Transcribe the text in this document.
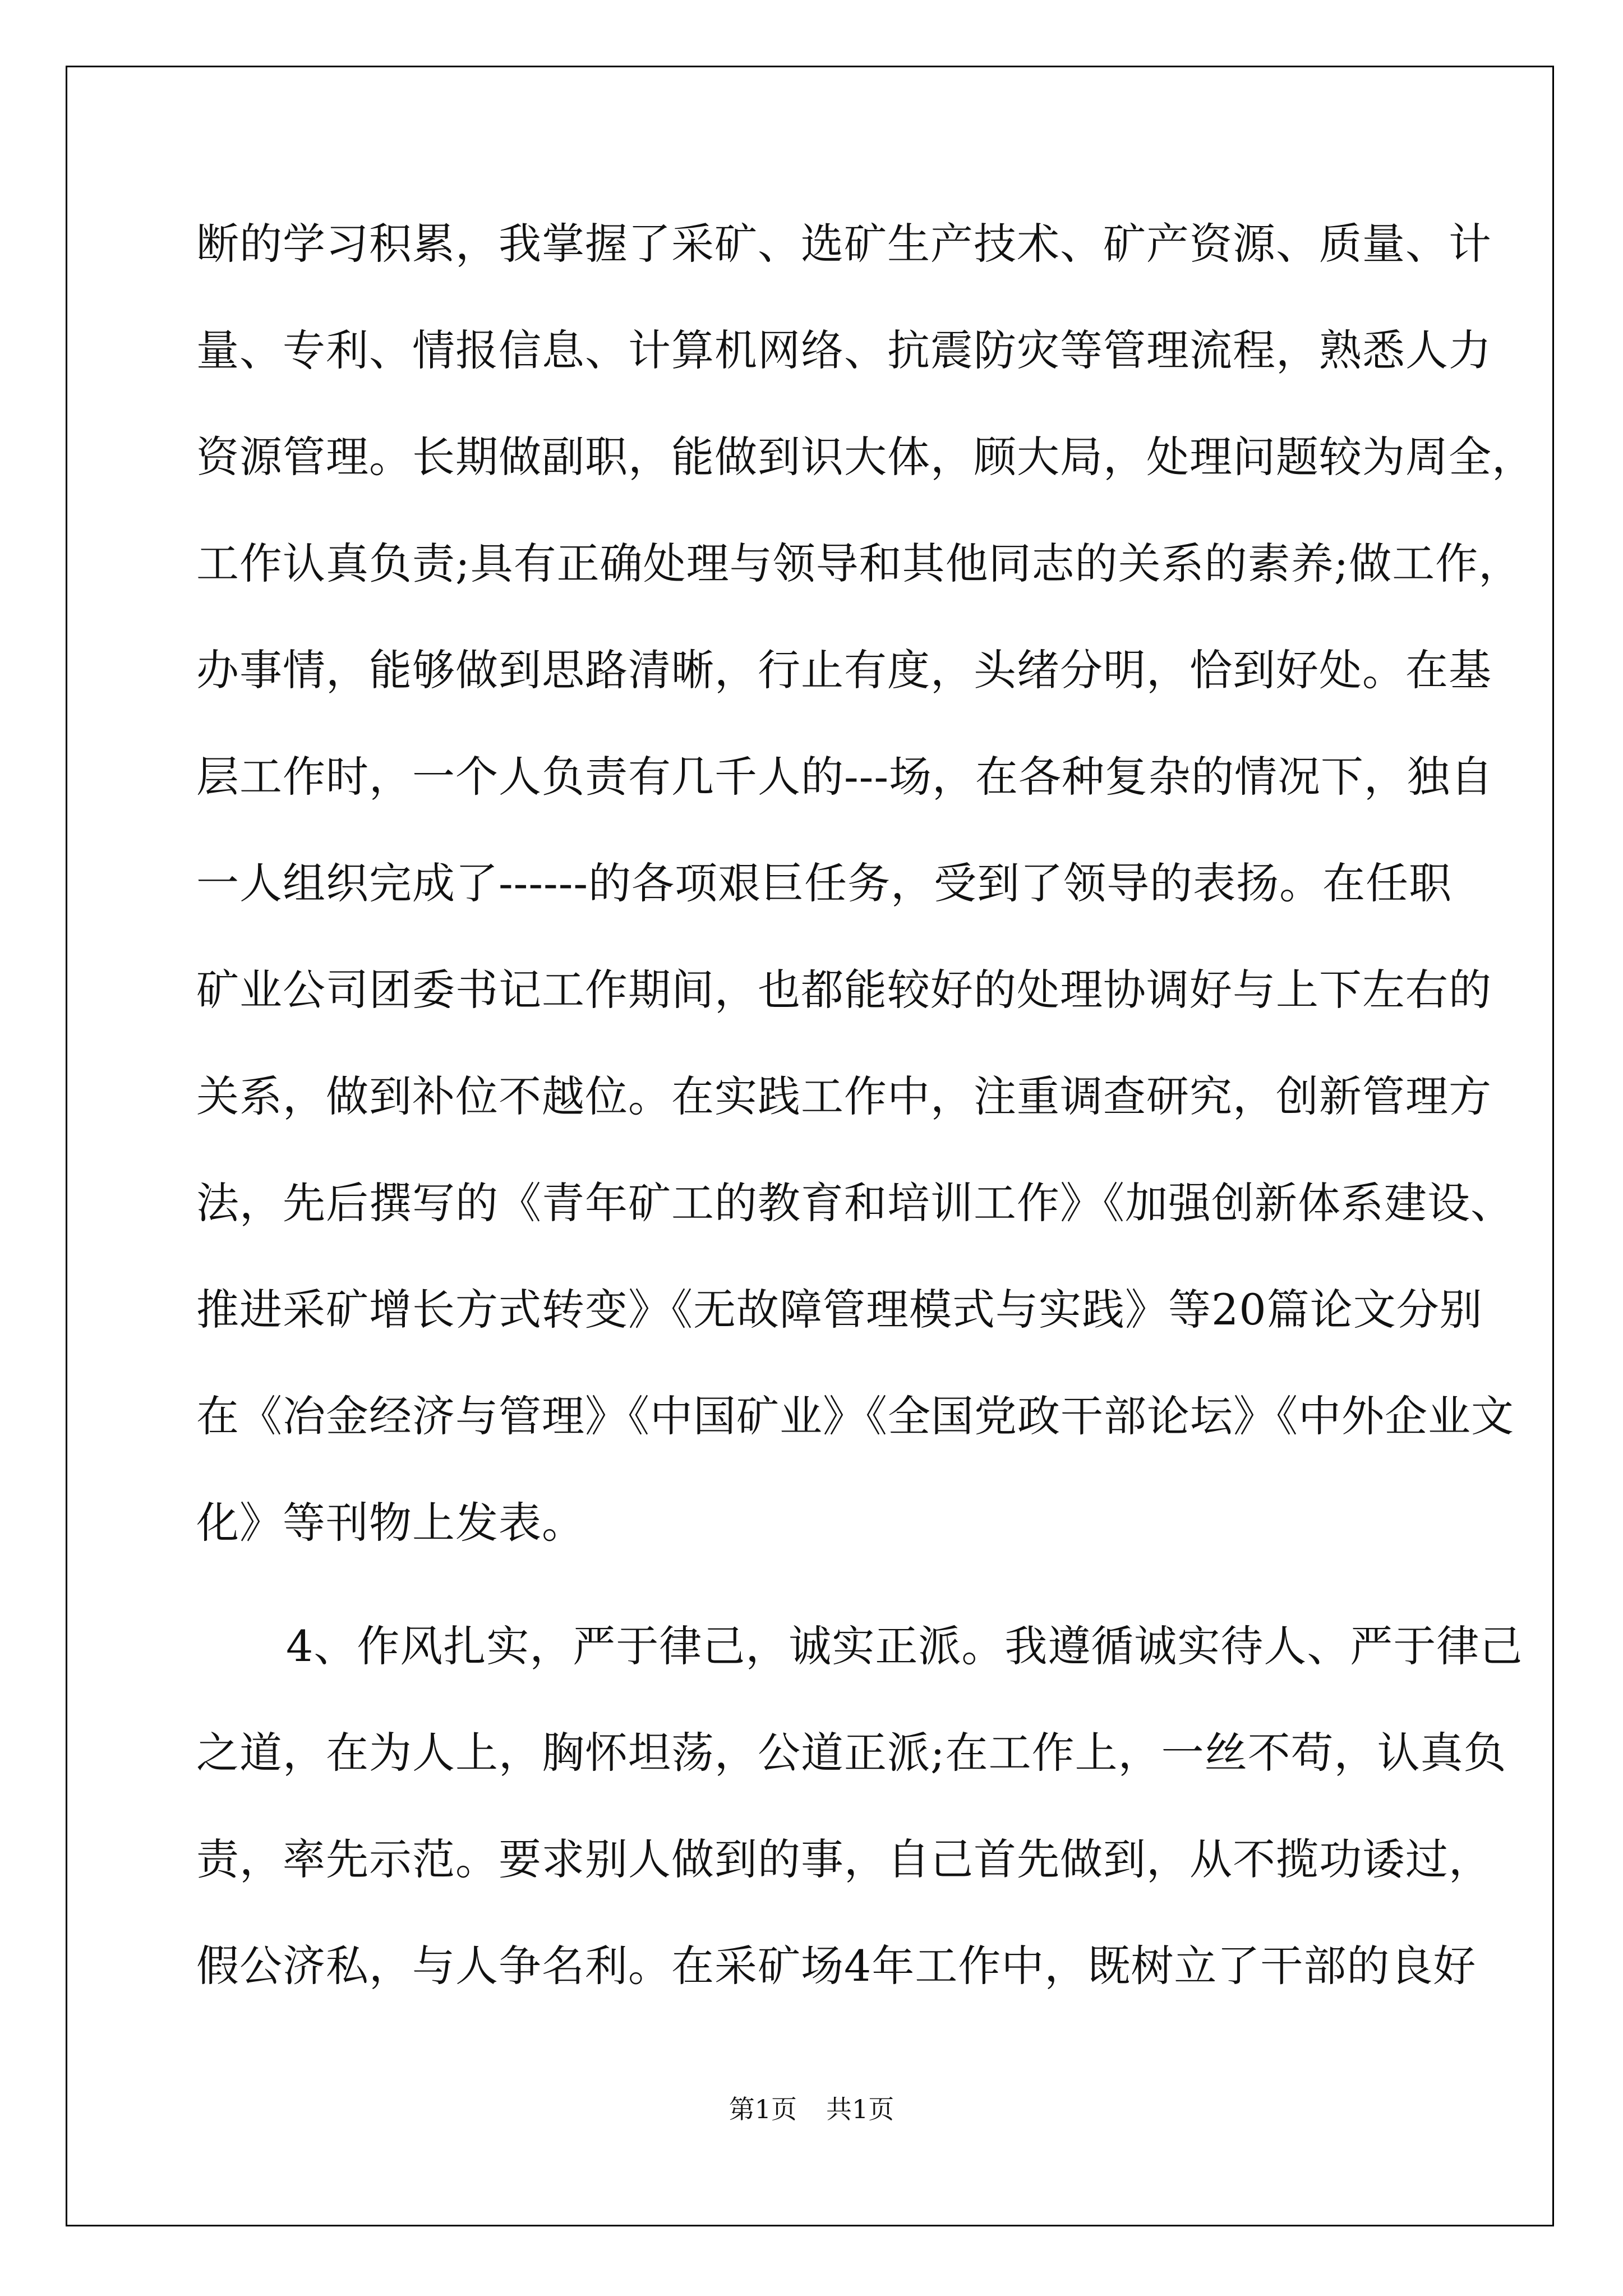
断的学习积累，我掌握了采矿、选矿生产技术、矿产资源、质量、计
量、专利、情报信息、计算机网络、抗震防灾等管理流程，熟悉人力
资源管理。长期做副职，能做到识大体，顾大局，处理问题较为周全，
工作认真负责;具有正确处理与领导和其他同志的关系的素养;做工作，
办事情，能够做到思路清晰，行止有度，头绪分明，恰到好处。在基
层工作时，一个人负责有几千人的---场，在各种复杂的情况下，独自
一人组织完成了------的各项艰巨任务，受到了领导的表扬。在任职
矿业公司团委书记工作期间，也都能较好的处理协调好与上下左右的
关系，做到补位不越位。在实践工作中，注重调查研究，创新管理方
法，先后撰写的《青年矿工的教育和培训工作》《加强创新体系建设、
推进采矿增长方式转变》《无故障管理模式与实践》等20篇论文分别
在《冶金经济与管理》《中国矿业》《全国党政干部论坛》《中外企业文
化》等刊物上发表。
4、作风扎实，严于律己，诚实正派。我遵循诚实待人、严于律己
之道，在为人上，胸怀坦荡，公道正派;在工作上，一丝不苟，认真负
责，率先示范。要求别人做到的事，自己首先做到，从不揽功诿过，
假公济私，与人争名利。在采矿场4年工作中，既树立了干部的良好
第1页 共1页
